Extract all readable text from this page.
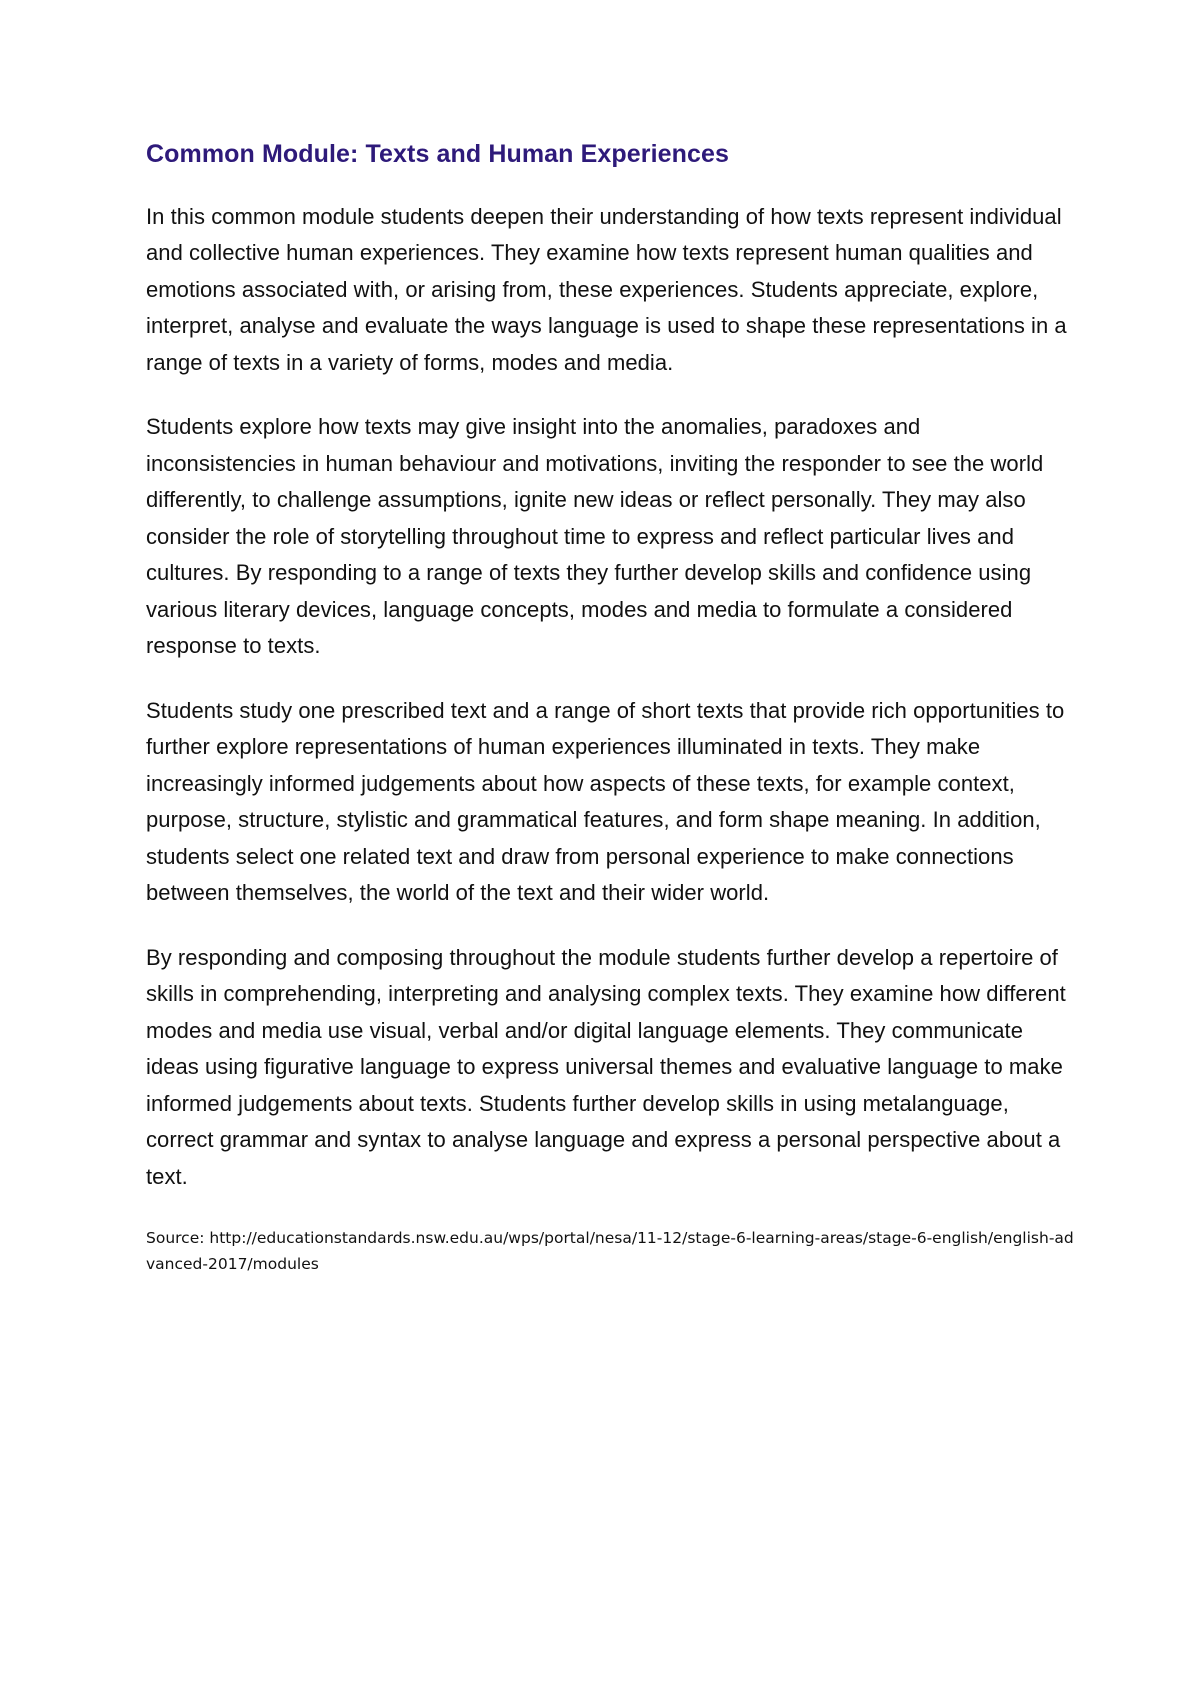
Common Module: Texts and Human Experiences

In this common module students deepen their understanding of how texts represent individual and collective human experiences. They examine how texts represent human qualities and emotions associated with, or arising from, these experiences. Students appreciate, explore, interpret, analyse and evaluate the ways language is used to shape these representations in a range of texts in a variety of forms, modes and media.

Students explore how texts may give insight into the anomalies, paradoxes and inconsistencies in human behaviour and motivations, inviting the responder to see the world differently, to challenge assumptions, ignite new ideas or reflect personally. They may also consider the role of storytelling throughout time to express and reflect particular lives and cultures. By responding to a range of texts they further develop skills and confidence using various literary devices, language concepts, modes and media to formulate a considered response to texts.

Students study one prescribed text and a range of short texts that provide rich opportunities to further explore representations of human experiences illuminated in texts. They make increasingly informed judgements about how aspects of these texts, for example context, purpose, structure, stylistic and grammatical features, and form shape meaning. In addition, students select one related text and draw from personal experience to make connections between themselves, the world of the text and their wider world.

By responding and composing throughout the module students further develop a repertoire of skills in comprehending, interpreting and analysing complex texts. They examine how different modes and media use visual, verbal and/or digital language elements. They communicate ideas using figurative language to express universal themes and evaluative language to make informed judgements about texts. Students further develop skills in using metalanguage, correct grammar and syntax to analyse language and express a personal perspective about a text.

Source: http://educationstandards.nsw.edu.au/wps/portal/nesa/11-12/stage-6-learning-areas/stage-6-english/english-advanced-2017/modules
